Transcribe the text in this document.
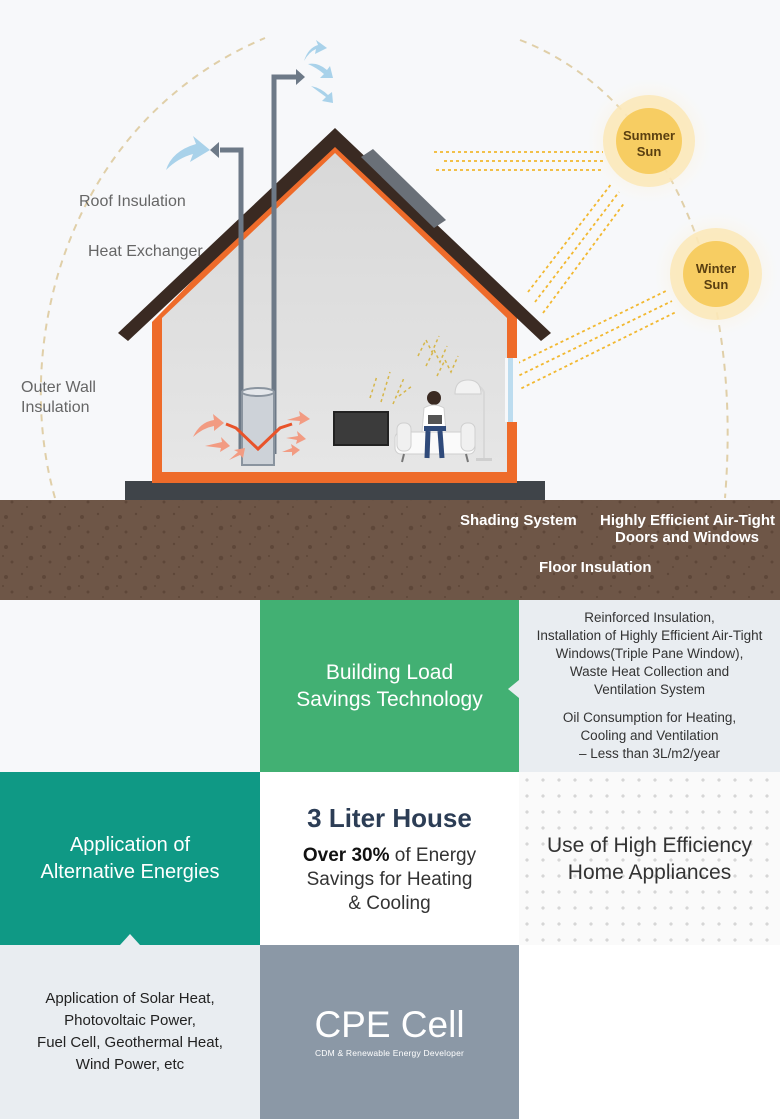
Summer
Sun
Winter
Sun
Roof Insulation
Heat Exchanger
Outer Wall
Insulation
Shading System Highly Efficient Air-Tight
Doors and Windows
Floor Insulation
Building Load
Savings Technology
Reinforced Insulation,
Installation of Highly Efficient Air-Tight
Windows(Triple Pane Window),
Waste Heat Collection and
Ventilation System
Oil Consumption for Heating,
Cooling and Ventilation
– Less than 3L/m2/year
Application of
Alternative Energies
3 Liter House
Over 30% of Energy
Savings for Heating
& Cooling
Use of High Efficiency
Home Appliances
Application of Solar Heat,
Photovoltaic Power,
Fuel Cell, Geothermal Heat,
Wind Power, etc
CPE Cell
CDM & Renewable Energy Developer
